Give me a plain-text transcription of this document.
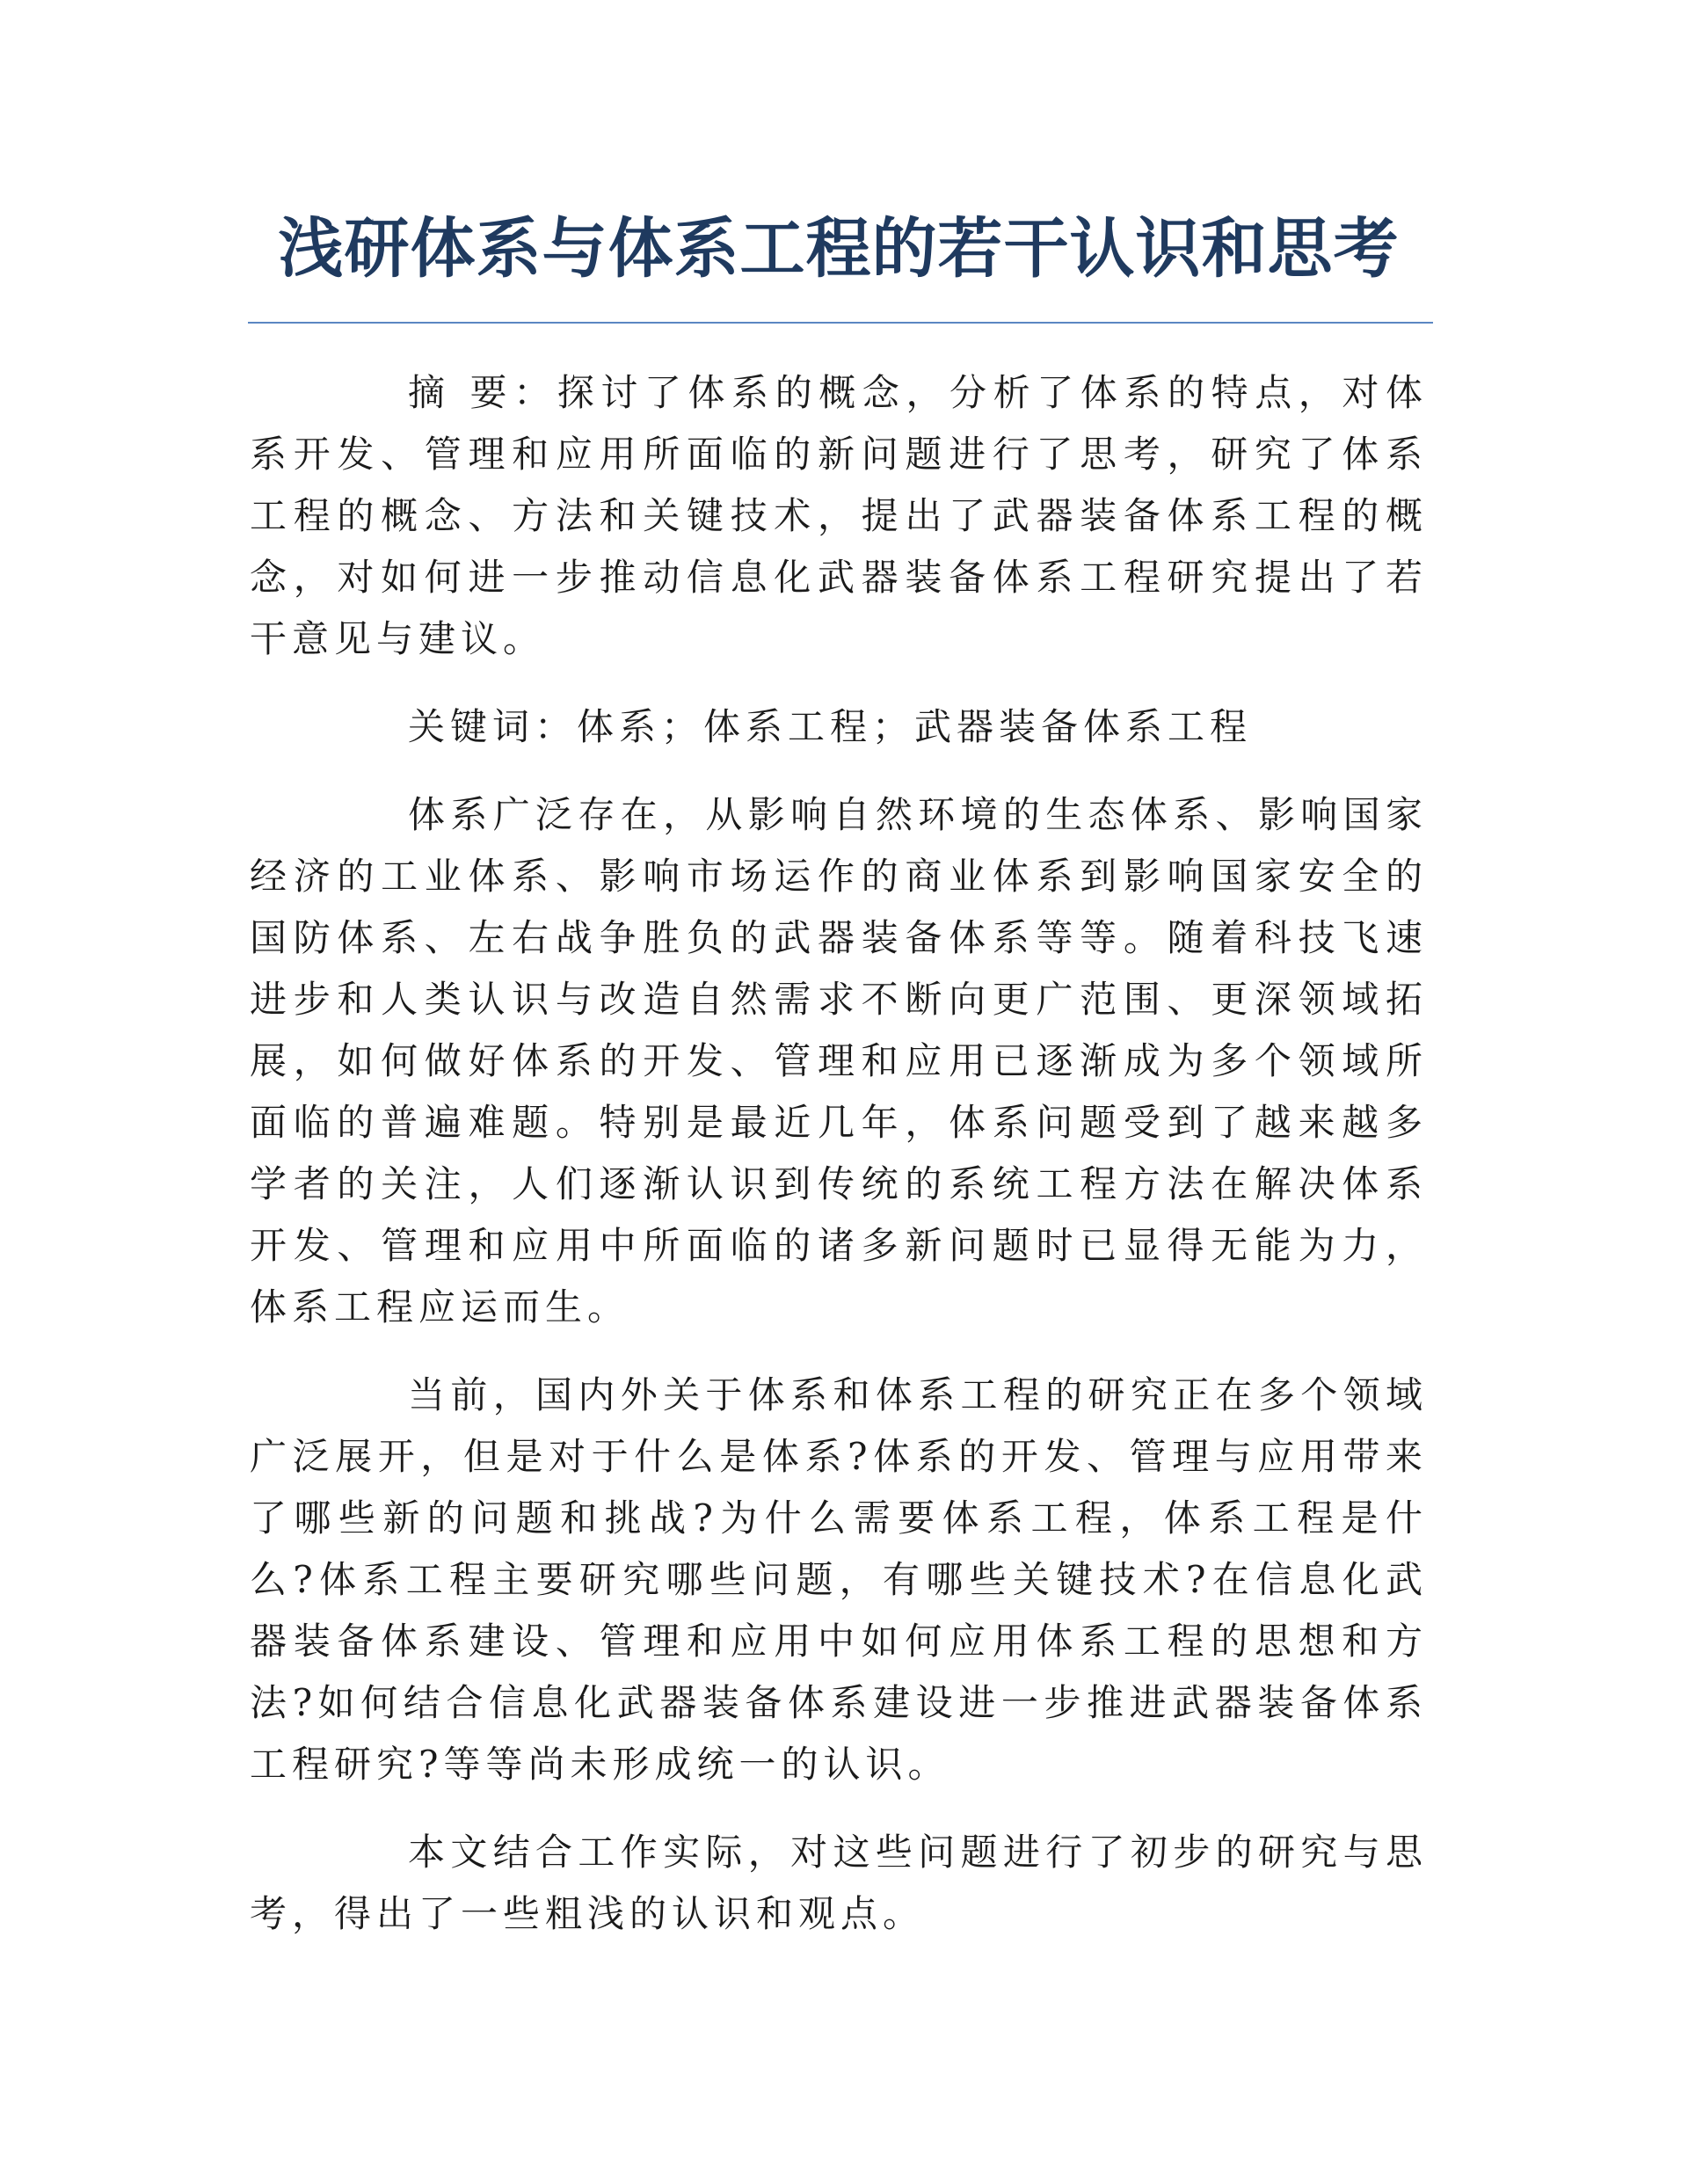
浅研体系与体系工程的若干认识和思考

摘 要：探讨了体系的概念，分析了体系的特点，对体系开发、管理和应用所面临的新问题进行了思考，研究了体系工程的概念、方法和关键技术，提出了武器装备体系工程的概念，对如何进一步推动信息化武器装备体系工程研究提出了若干意见与建议。

关键词：体系；体系工程；武器装备体系工程

体系广泛存在，从影响自然环境的生态体系、影响国家经济的工业体系、影响市场运作的商业体系到影响国家安全的国防体系、左右战争胜负的武器装备体系等等。随着科技飞速进步和人类认识与改造自然需求不断向更广范围、更深领域拓展，如何做好体系的开发、管理和应用已逐渐成为多个领域所面临的普遍难题。特别是最近几年，体系问题受到了越来越多学者的关注，人们逐渐认识到传统的系统工程方法在解决体系开发、管理和应用中所面临的诸多新问题时已显得无能为力，体系工程应运而生。

当前，国内外关于体系和体系工程的研究正在多个领域广泛展开，但是对于什么是体系?体系的开发、管理与应用带来了哪些新的问题和挑战?为什么需要体系工程，体系工程是什么?体系工程主要研究哪些问题，有哪些关键技术?在信息化武器装备体系建设、管理和应用中如何应用体系工程的思想和方法?如何结合信息化武器装备体系建设进一步推进武器装备体系工程研究?等等尚未形成统一的认识。

本文结合工作实际，对这些问题进行了初步的研究与思考，得出了一些粗浅的认识和观点。
